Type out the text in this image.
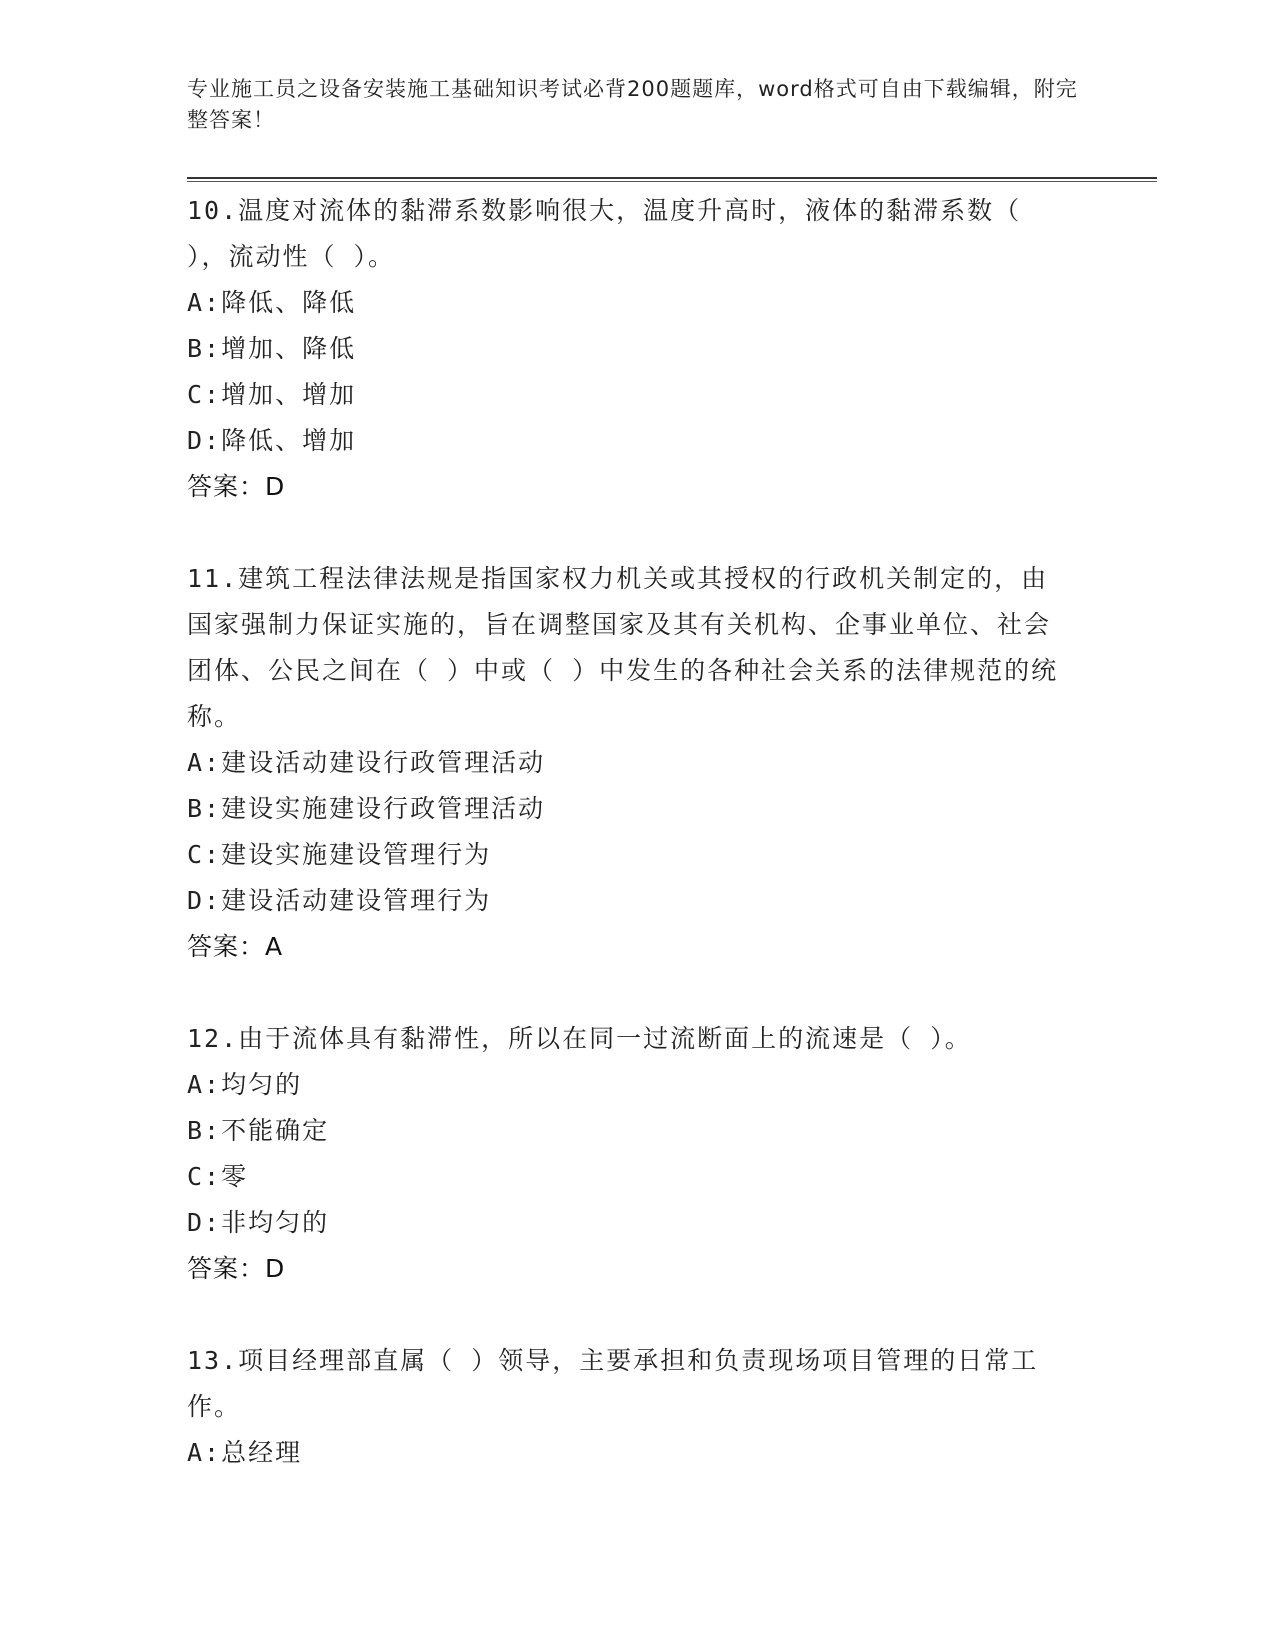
专业施工员之设备安装施工基础知识考试必背200题题库，word格式可自由下载编辑，附完整答案！

10.温度对流体的黏滞系数影响很大，温度升高时，液体的黏滞系数（ ），流动性（ ）。

A:降低、降低

B:增加、降低

C:增加、增加

D:降低、增加

答案：D

11.建筑工程法律法规是指国家权力机关或其授权的行政机关制定的，由国家强制力保证实施的，旨在调整国家及其有关机构、企事业单位、社会团体、公民之间在（ ）中或（ ）中发生的各种社会关系的法律规范的统称。

A:建设活动建设行政管理活动

B:建设实施建设行政管理活动

C:建设实施建设管理行为

D:建设活动建设管理行为

答案：A

12.由于流体具有黏滞性，所以在同一过流断面上的流速是（ ）。

A:均匀的

B:不能确定

C:零

D:非均匀的

答案：D

13.项目经理部直属（ ）领导，主要承担和负责现场项目管理的日常工作。

A:总经理
